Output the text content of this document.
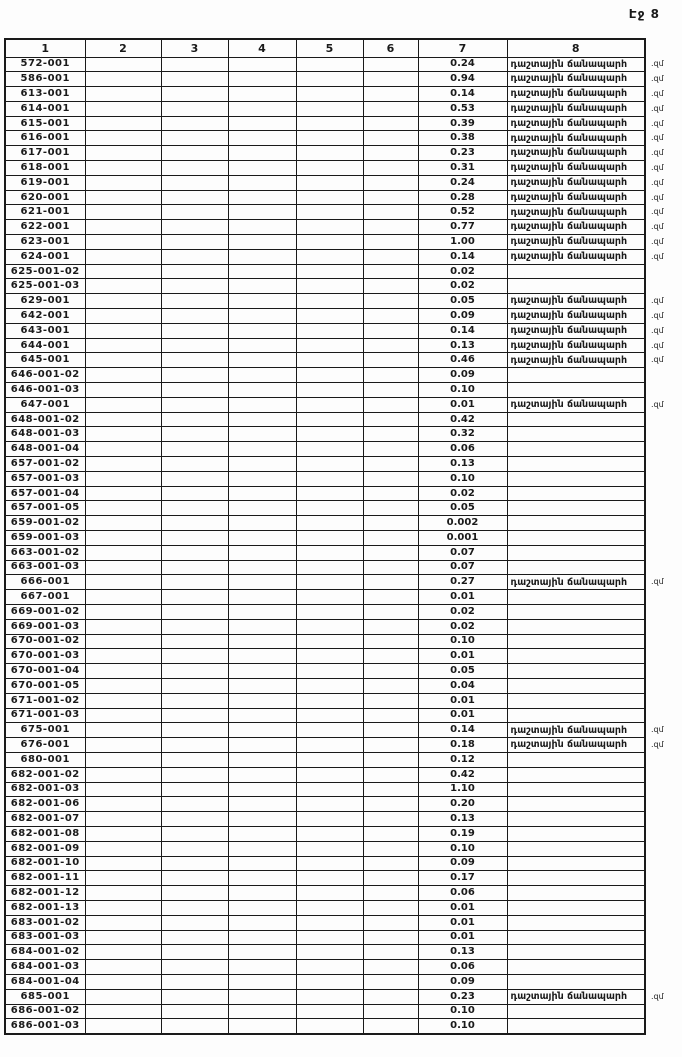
Էջ 8
1	2	3	4	5	6	7	8	
572-001						0.24	դաշտային ճանապարհ	.զմ
586-001						0.94	դաշտային ճանապարհ	.զմ
613-001						0.14	դաշտային ճանապարհ	.զմ
614-001						0.53	դաշտային ճանապարհ	.զմ
615-001						0.39	դաշտային ճանապարհ	.զմ
616-001						0.38	դաշտային ճանապարհ	.զմ
617-001						0.23	դաշտային ճանապարհ	.զմ
618-001						0.31	դաշտային ճանապարհ	.զմ
619-001						0.24	դաշտային ճանապարհ	.զմ
620-001						0.28	դաշտային ճանապարհ	.զմ
621-001						0.52	դաշտային ճանապարհ	.զմ
622-001						0.77	դաշտային ճանապարհ	.զմ
623-001						1.00	դաշտային ճանապարհ	.զմ
624-001						0.14	դաշտային ճանապարհ	.զմ
625-001-02						0.02		
625-001-03						0.02		
629-001						0.05	դաշտային ճանապարհ	.զմ
642-001						0.09	դաշտային ճանապարհ	.զմ
643-001						0.14	դաշտային ճանապարհ	.զմ
644-001						0.13	դաշտային ճանապարհ	.զմ
645-001						0.46	դաշտային ճանապարհ	.զմ
646-001-02						0.09		
646-001-03						0.10		
647-001						0.01	դաշտային ճանապարհ	.զմ
648-001-02						0.42		
648-001-03						0.32		
648-001-04						0.06		
657-001-02						0.13		
657-001-03						0.10		
657-001-04						0.02		
657-001-05						0.05		
659-001-02						0.002		
659-001-03						0.001		
663-001-02						0.07		
663-001-03						0.07		
666-001						0.27	դաշտային ճանապարհ	.զմ
667-001						0.01		
669-001-02						0.02		
669-001-03						0.02		
670-001-02						0.10		
670-001-03						0.01		
670-001-04						0.05		
670-001-05						0.04		
671-001-02						0.01		
671-001-03						0.01		
675-001						0.14	դաշտային ճանապարհ	.զմ
676-001						0.18	դաշտային ճանապարհ	.զմ
680-001						0.12		
682-001-02						0.42		
682-001-03						1.10		
682-001-06						0.20		
682-001-07						0.13		
682-001-08						0.19		
682-001-09						0.10		
682-001-10						0.09		
682-001-11						0.17		
682-001-12						0.06		
682-001-13						0.01		
683-001-02						0.01		
683-001-03						0.01		
684-001-02						0.13		
684-001-03						0.06		
684-001-04						0.09		
685-001						0.23	դաշտային ճանապարհ	.զմ
686-001-02						0.10		
686-001-03						0.10		
